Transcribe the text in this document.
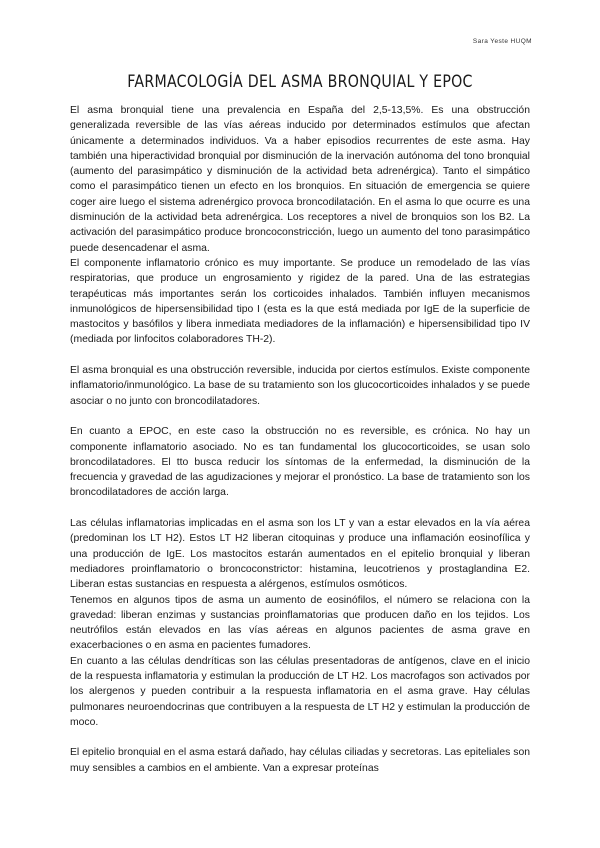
Sara Yeste HUQM
FARMACOLOGÍA DEL ASMA BRONQUIAL Y EPOC

El asma bronquial tiene una prevalencia en España del 2,5-13,5%. Es una obstrucción generalizada reversible de las vías aéreas inducido por determinados estímulos que afectan únicamente a determinados individuos. Va a haber episodios recurrentes de este asma. Hay también una hiperactividad bronquial por disminución de la inervación autónoma del tono bronquial (aumento del parasimpático y disminución de la actividad beta adrenérgica). Tanto el simpático como el parasimpático tienen un efecto en los bronquios. En situación de emergencia se quiere coger aire luego el sistema adrenérgico provoca broncodilatación. En el asma lo que ocurre es una disminución de la actividad beta adrenérgica. Los receptores a nivel de bronquios son los B2. La activación del parasimpático produce broncoconstricción, luego un aumento del tono parasimpático puede desencadenar el asma.

El componente inflamatorio crónico es muy importante. Se produce un remodelado de las vías respiratorias, que produce un engrosamiento y rigidez de la pared. Una de las estrategias terapéuticas más importantes serán los corticoides inhalados. También influyen mecanismos inmunológicos de hipersensibilidad tipo I (esta es la que está mediada por IgE de la superficie de mastocitos y basófilos y libera inmediata mediadores de la inflamación) e hipersensibilidad tipo IV (mediada por linfocitos colaboradores TH-2).

El asma bronquial es una obstrucción reversible, inducida por ciertos estímulos. Existe componente inflamatorio/inmunológico. La base de su tratamiento son los glucocorticoides inhalados y se puede asociar o no junto con broncodilatadores.

En cuanto a EPOC, en este caso la obstrucción no es reversible, es crónica. No hay un componente inflamatorio asociado. No es tan fundamental los glucocorticoides, se usan solo broncodilatadores. El tto busca reducir los síntomas de la enfermedad, la disminución de la frecuencia y gravedad de las agudizaciones y mejorar el pronóstico. La base de tratamiento son los broncodilatadores de acción larga.

Las células inflamatorias implicadas en el asma son los LT y van a estar elevados en la vía aérea (predominan los LT H2). Estos LT H2 liberan citoquinas y produce una inflamación eosinofílica y una producción de IgE. Los mastocitos estarán aumentados en el epitelio bronquial y liberan mediadores proinflamatorio o broncoconstrictor: histamina, leucotrienos y prostaglandina E2. Liberan estas sustancias en respuesta a alérgenos, estímulos osmóticos.

Tenemos en algunos tipos de asma un aumento de eosinófilos, el número se relaciona con la gravedad: liberan enzimas y sustancias proinflamatorias que producen daño en los tejidos. Los neutrófilos están elevados en las vías aéreas en algunos pacientes de asma grave en exacerbaciones o en asma en pacientes fumadores.

En cuanto a las células dendríticas son las células presentadoras de antígenos, clave en el inicio de la respuesta inflamatoria y estimulan la producción de LT H2. Los macrofagos son activados por los alergenos y pueden contribuir a la respuesta inflamatoria en el asma grave. Hay células pulmonares neuroendocrinas que contribuyen a la respuesta de LT H2 y estimulan la producción de moco.

El epitelio bronquial en el asma estará dañado, hay células ciliadas y secretoras. Las epiteliales son muy sensibles a cambios en el ambiente. Van a expresar proteínas
